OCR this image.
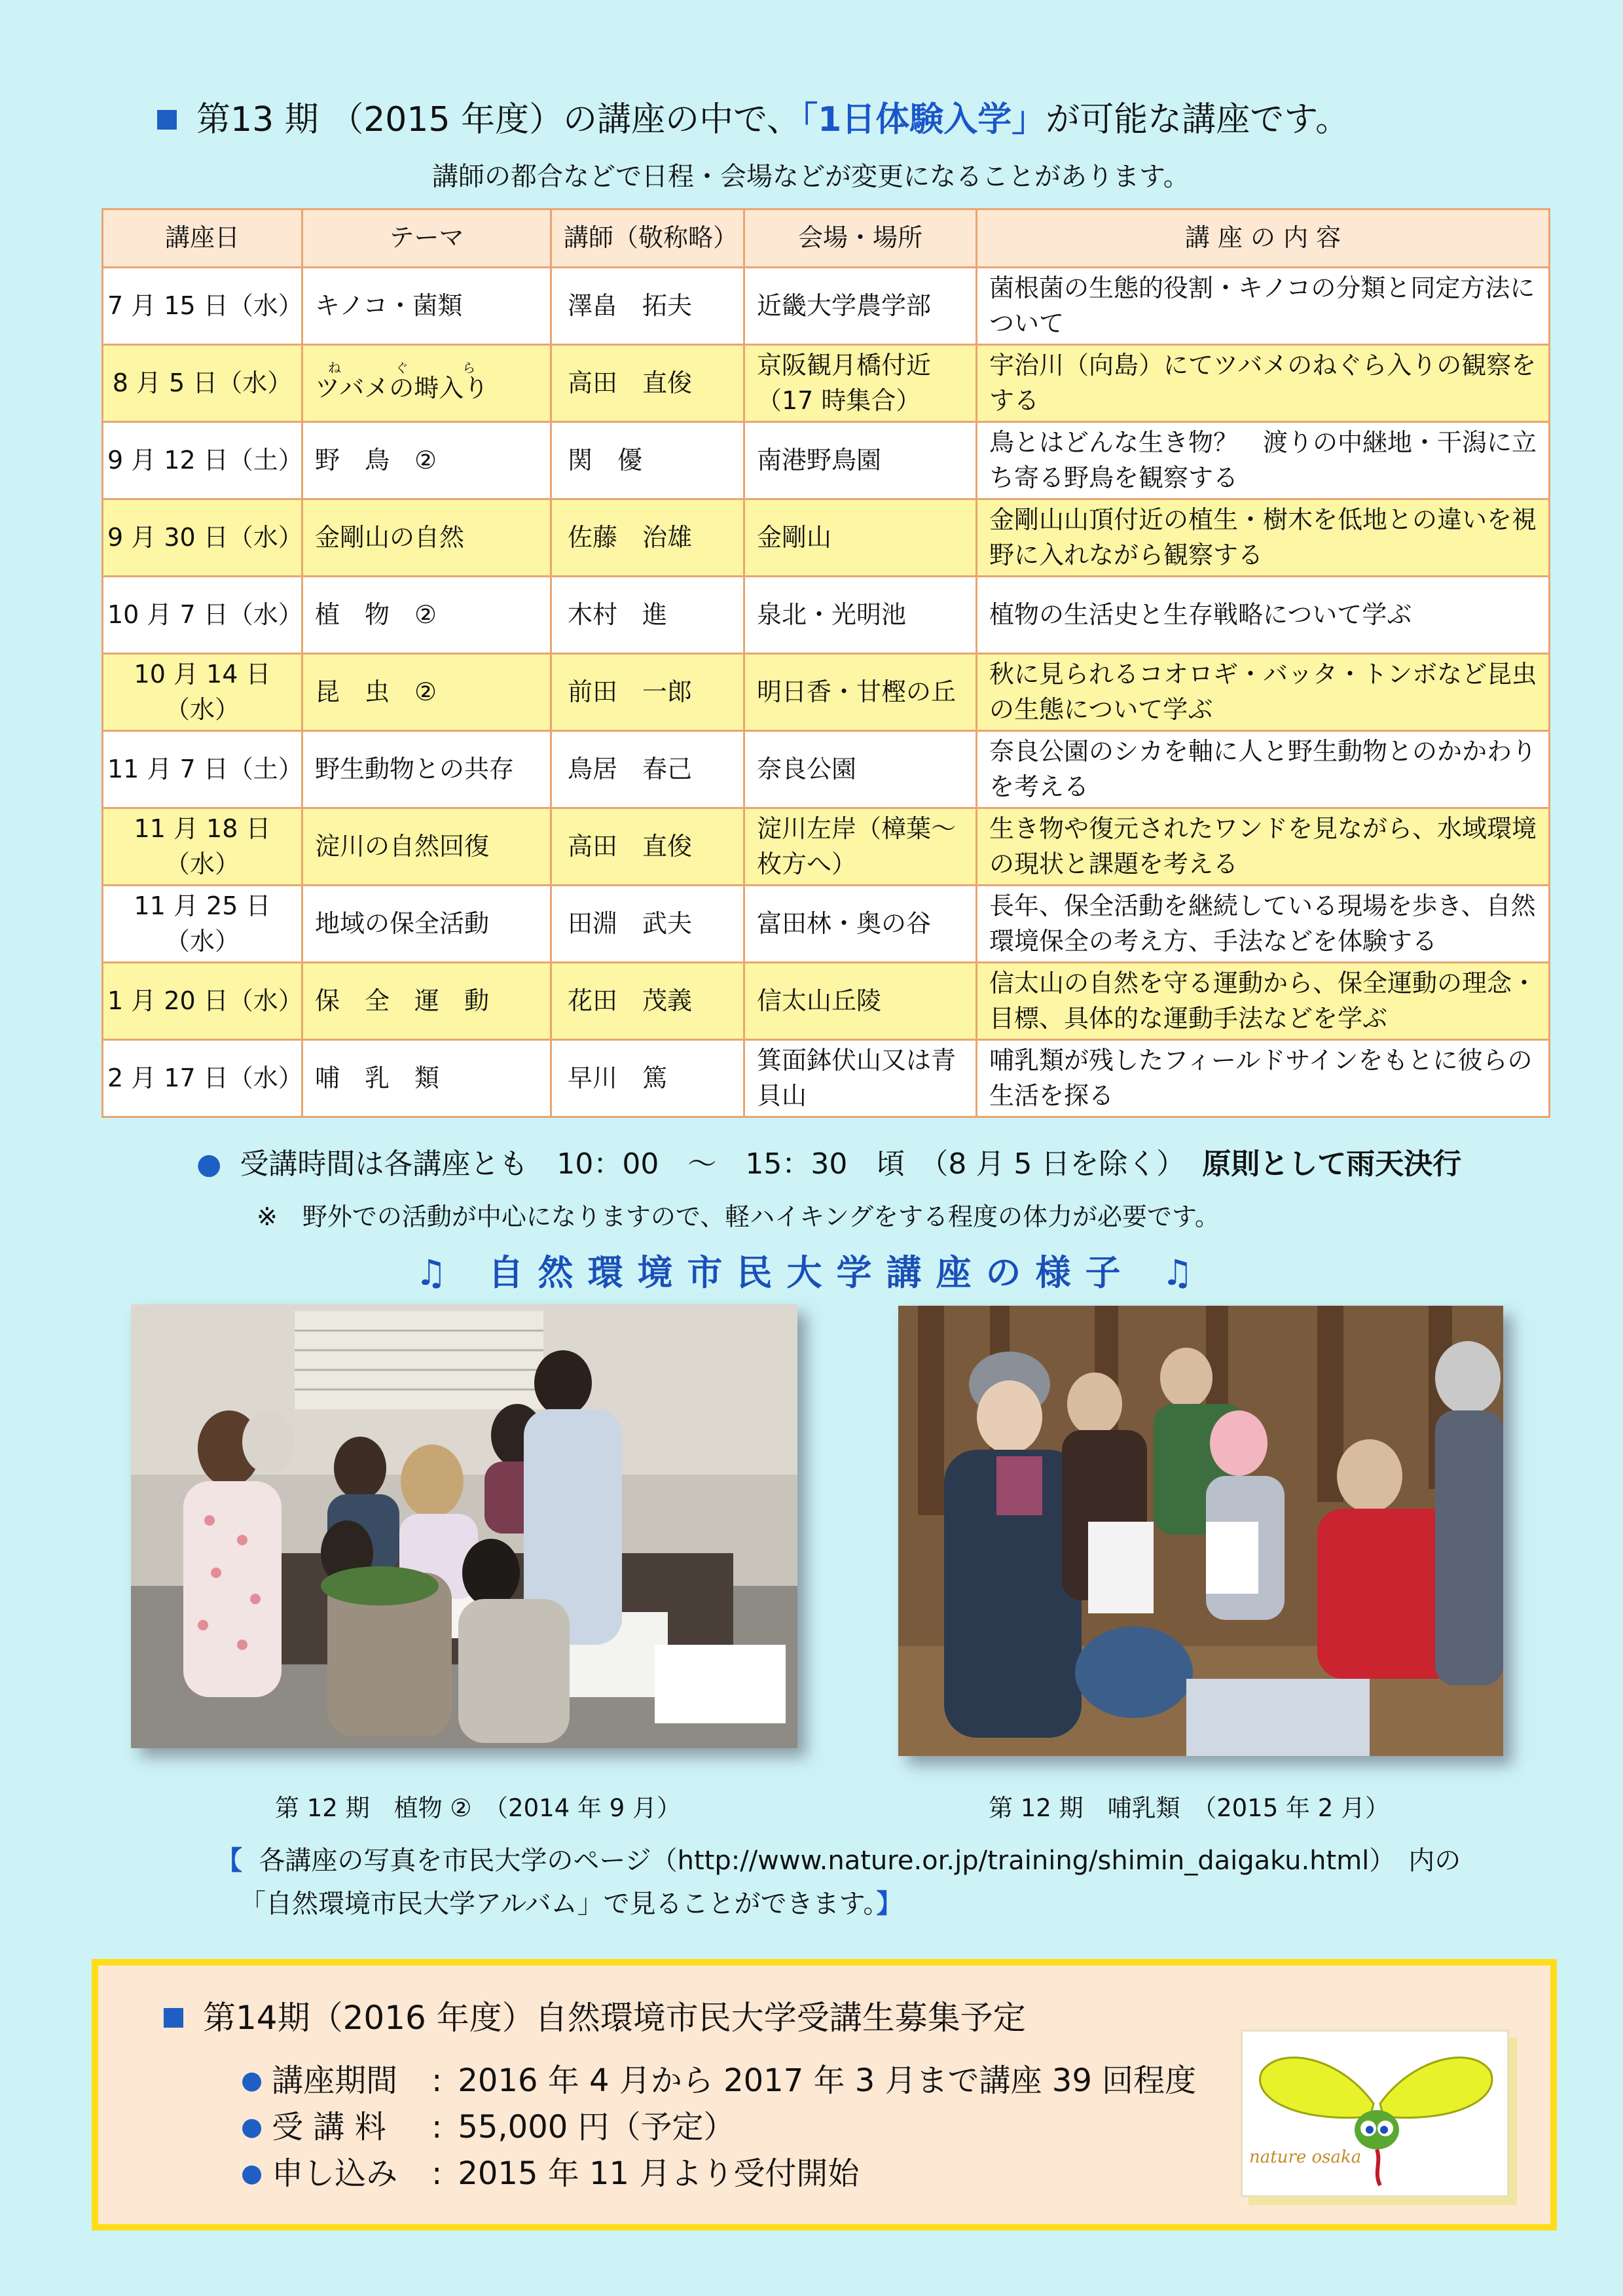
第13 期 （2015 年度）の講座の中で、「1日体験入学」が可能な講座です。
講師の都合などで日程・会場などが変更になることがあります。
講座日	テーマ	講師（敬称略）	会場・場所	講 座 の 内 容
7 月 15 日（水）	キノコ・菌類	澤畠　拓夫	近畿大学農学部	菌根菌の生態的役割・キノコの分類と同定方法について
8 月 5 日（水）	ツバメの塒入りねぐら	高田　直俊	京阪観月橋付近（17 時集合）	宇治川（向島）にてツバメのねぐら入りの観察をする
9 月 12 日（土）	野　鳥　②	関　優	南港野鳥園	鳥とはどんな生き物？　渡りの中継地・干潟に立ち寄る野鳥を観察する
9 月 30 日（水）	金剛山の自然	佐藤　治雄	金剛山	金剛山山頂付近の植生・樹木を低地との違いを視野に入れながら観察する
10 月 7 日（水）	植　物　②	木村　進	泉北・光明池	植物の生活史と生存戦略について学ぶ
10 月 14 日（水）	昆　虫　②	前田　一郎	明日香・甘樫の丘	秋に見られるコオロギ・バッタ・トンボなど昆虫の生態について学ぶ
11 月 7 日（土）	野生動物との共存	鳥居　春己	奈良公園	奈良公園のシカを軸に人と野生動物とのかかわりを考える
11 月 18 日（水）	淀川の自然回復	高田　直俊	淀川左岸（樟葉～枚方へ）	生き物や復元されたワンドを見ながら、水域環境の現状と課題を考える
11 月 25 日（水）	地域の保全活動	田淵　武夫	富田林・奥の谷	長年、保全活動を継続している現場を歩き、自然環境保全の考え方、手法などを体験する
1 月 20 日（水）	保　全　運　動	花田　茂義	信太山丘陵	信太山の自然を守る運動から、保全運動の理念・目標、具体的な運動手法などを学ぶ
2 月 17 日（水）	哺　乳　類	早川　篤	箕面鉢伏山又は青貝山	哺乳類が残したフィールドサインをもとに彼らの生活を探る
● 受講時間は各講座とも　10：00　～　15：30　頃　（8 月 5 日を除く） 原則として雨天決行
※　野外での活動が中心になりますので、軽ハイキングをする程度の体力が必要です。
♫ 自然環境市民大学講座の様子 ♫
第 12 期　植物 ②　（2014 年 9 月）	第 12 期　哺乳類　（2015 年 2 月）
【 各講座の写真を市民大学のページ（http://www.nature.or.jp/training/shimin_daigaku.html）　内の
「自然環境市民大学アルバム」で見ることができます。】
第14期（2016 年度）自然環境市民大学受講生募集予定
● 講座期間 : 2016 年 4 月から 2017 年 3 月まで講座 39 回程度
● 受 講 料 : 55,000 円（予定）
● 申し込み : 2015 年 11 月より受付開始	nature osaka
